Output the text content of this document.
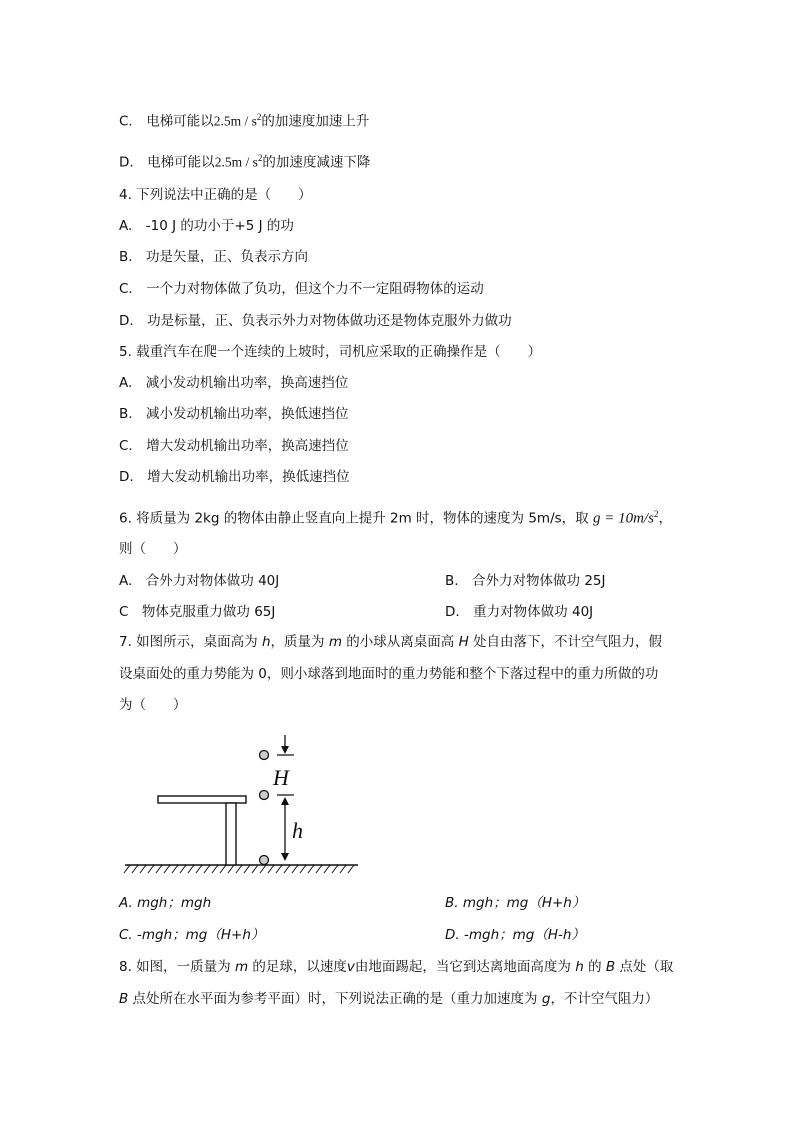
C.　电梯可能以$2.5m / s^2$的加速度加速上升
D.　电梯可能以$2.5m / s^2$的加速度减速下降
4. 下列说法中正确的是（　　）
A.　-10 J 的功小于+5 J 的功
B.　功是矢量，正、负表示方向
C.　一个力对物体做了负功，但这个力不一定阻碍物体的运动
D.　功是标量，正、负表示外力对物体做功还是物体克服外力做功
5. 载重汽车在爬一个连续的上坡时，司机应采取的正确操作是（　　）
A.　减小发动机输出功率，换高速挡位
B.　减小发动机输出功率，换低速挡位
C.　增大发动机输出功率，换高速挡位
D.　增大发动机输出功率，换低速挡位
6. 将质量为 2kg 的物体由静止竖直向上提升 2m 时，物体的速度为 5m/s，取 $g = 10m/s^2$，
则（　　）
A.　合外力对物体做功 40J	B.　合外力对物体做功 25J
C　物体克服重力做功 65J	D.　重力对物体做功 40J
7. 如图所示，桌面高为 h，质量为 m 的小球从离桌面高 H 处自由落下，不计空气阻力，假
设桌面处的重力势能为 0，则小球落到地面时的重力势能和整个下落过程中的重力所做的功
为（　　）
H
h
A. mgh；mgh	B. mgh；mg（H+h）
C. -mgh；mg（H+h）	D. -mgh；mg（H-h）
8. 如图，一质量为 m 的足球，以速度v由地面踢起，当它到达离地面高度为 h 的 B 点处（取
B 点处所在水平面为参考平面）时，下列说法正确的是（重力加速度为 g，不计空气阻力）
